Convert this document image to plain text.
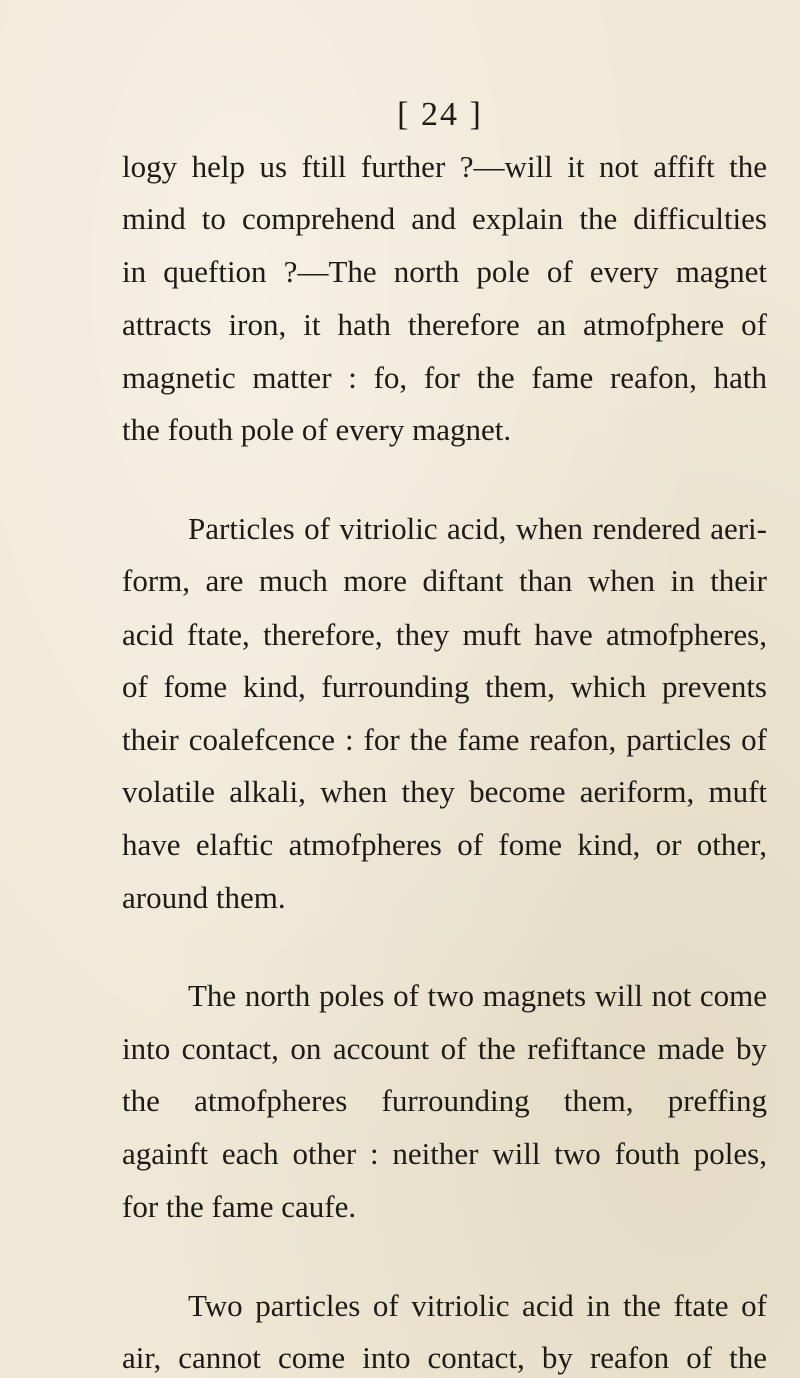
[ 24 ]
logy help us ftill further ?—will it not affift the
mind to comprehend and explain the difficulties
in queftion ?—The north pole of every magnet
attracts iron, it hath therefore an atmofphere of
magnetic matter : fo, for the fame reafon, hath
the fouth pole of every magnet.
Particles of vitriolic acid, when rendered aeri-
form, are much more diftant than when in their
acid ftate, therefore, they muft have atmofpheres,
of fome kind, furrounding them, which prevents
their coalefcence : for the fame reafon, particles of
volatile alkali, when they become aeriform, muft
have elaftic atmofpheres of fome kind, or other,
around them.
The north poles of two magnets will not come
into contact, on account of the refiftance made by
the atmofpheres furrounding them, preffing
againft each other : neither will two fouth poles,
for the fame caufe.
Two particles of vitriolic acid in the ftate of
air, cannot come into contact, by reafon of the
